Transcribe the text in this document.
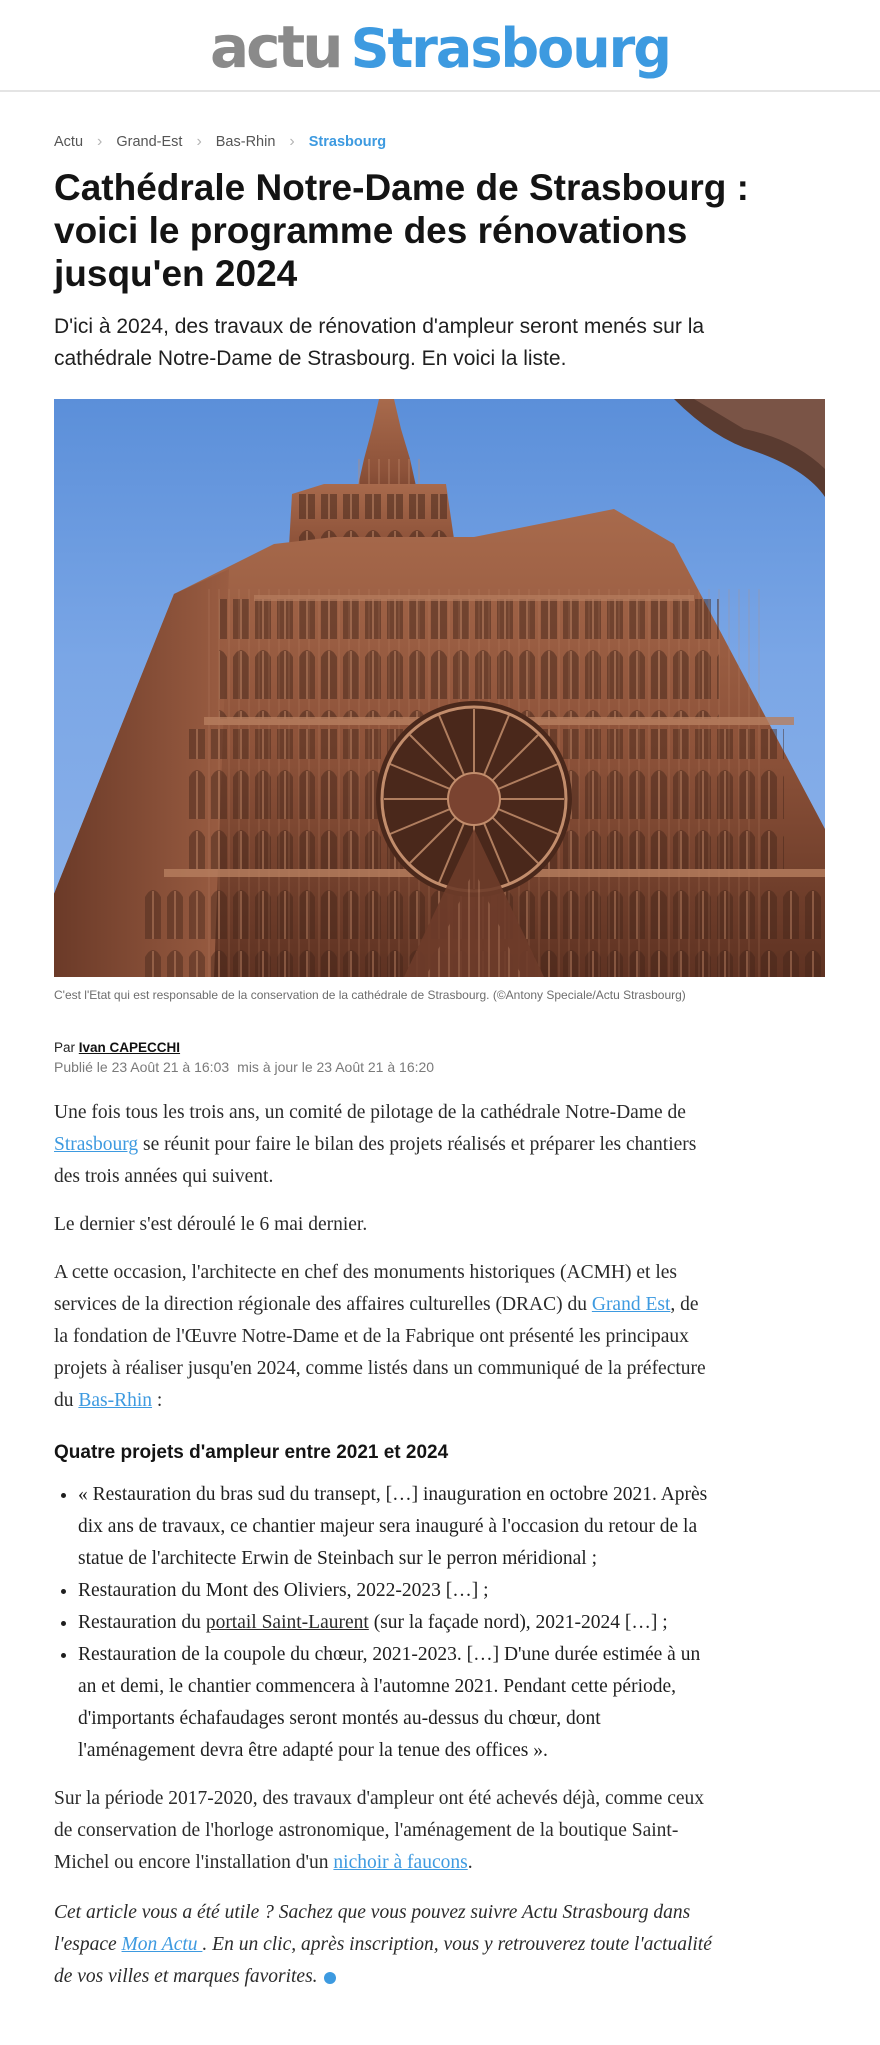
actu Strasbourg
Actu › Grand-Est › Bas-Rhin › Strasbourg
Cathédrale Notre-Dame de Strasbourg : voici le programme des rénovations jusqu'en 2024

D'ici à 2024, des travaux de rénovation d'ampleur seront menés sur la cathédrale Notre-Dame de Strasbourg. En voici la liste.

C'est l'Etat qui est responsable de la conservation de la cathédrale de Strasbourg. (©Antony Speciale/Actu Strasbourg)
Par Ivan CAPECCHI
Publié le 23 Août 21 à 16:03 mis à jour le 23 Août 21 à 16:20

Une fois tous les trois ans, un comité de pilotage de la cathédrale Notre-Dame de Strasbourg se réunit pour faire le bilan des projets réalisés et préparer les chantiers des trois années qui suivent.

Le dernier s'est déroulé le 6 mai dernier.

A cette occasion, l'architecte en chef des monuments historiques (ACMH) et les services de la direction régionale des affaires culturelles (DRAC) du Grand Est, de la fondation de l'Œuvre Notre-Dame et de la Fabrique ont présenté les principaux projets à réaliser jusqu'en 2024, comme listés dans un communiqué de la préfecture du Bas-Rhin :

Quatre projets d'ampleur entre 2021 et 2024
• « Restauration du bras sud du transept, […] inauguration en octobre 2021. Après dix ans de travaux, ce chantier majeur sera inauguré à l'occasion du retour de la statue de l'architecte Erwin de Steinbach sur le perron méridional ;
• Restauration du Mont des Oliviers, 2022-2023 […] ;
• Restauration du portail Saint-Laurent (sur la façade nord), 2021-2024 […] ;
• Restauration de la coupole du chœur, 2021-2023. […] D'une durée estimée à un an et demi, le chantier commencera à l'automne 2021. Pendant cette période, d'importants échafaudages seront montés au-dessus du chœur, dont l'aménagement devra être adapté pour la tenue des offices ».

Sur la période 2017-2020, des travaux d'ampleur ont été achevés déjà, comme ceux de conservation de l'horloge astronomique, l'aménagement de la boutique Saint-Michel ou encore l'installation d'un nichoir à faucons.

Cet article vous a été utile ? Sachez que vous pouvez suivre Actu Strasbourg dans l'espace Mon Actu . En un clic, après inscription, vous y retrouverez toute l'actualité de vos villes et marques favorites.
